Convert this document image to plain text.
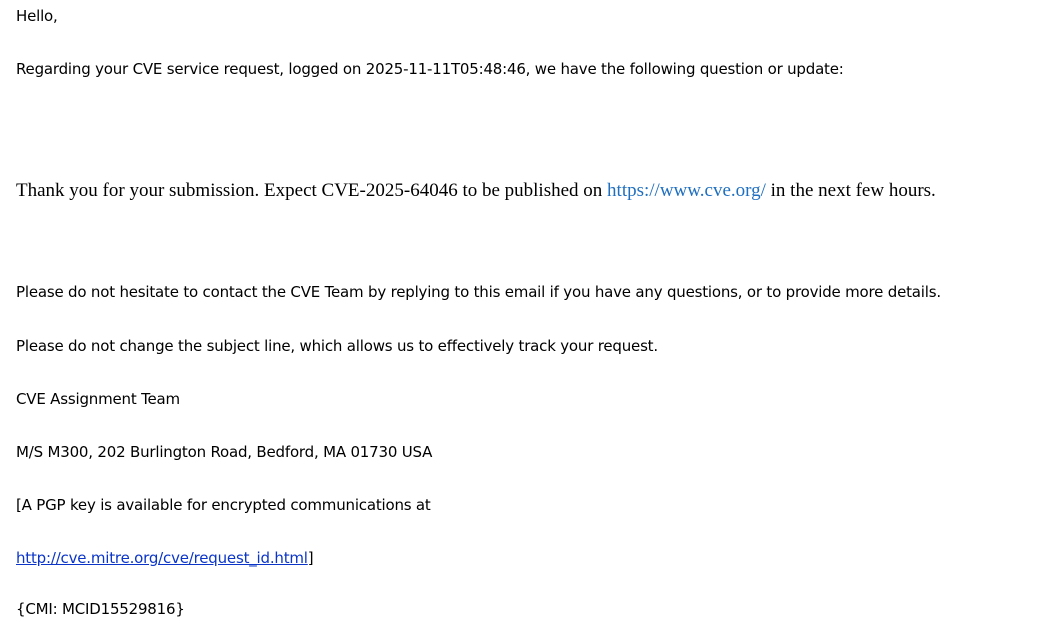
Hello,
Regarding your CVE service request, logged on 2025-11-11T05:48:46, we have the following question or update:
Thank you for your submission. Expect CVE-2025-64046 to be published on https://www.cve.org/ in the next few hours.
Please do not hesitate to contact the CVE Team by replying to this email if you have any questions, or to provide more details.
Please do not change the subject line, which allows us to effectively track your request.
CVE Assignment Team
M/S M300, 202 Burlington Road, Bedford, MA 01730 USA
[A PGP key is available for encrypted communications at
http://cve.mitre.org/cve/request_id.html]
{CMI: MCID15529816}
